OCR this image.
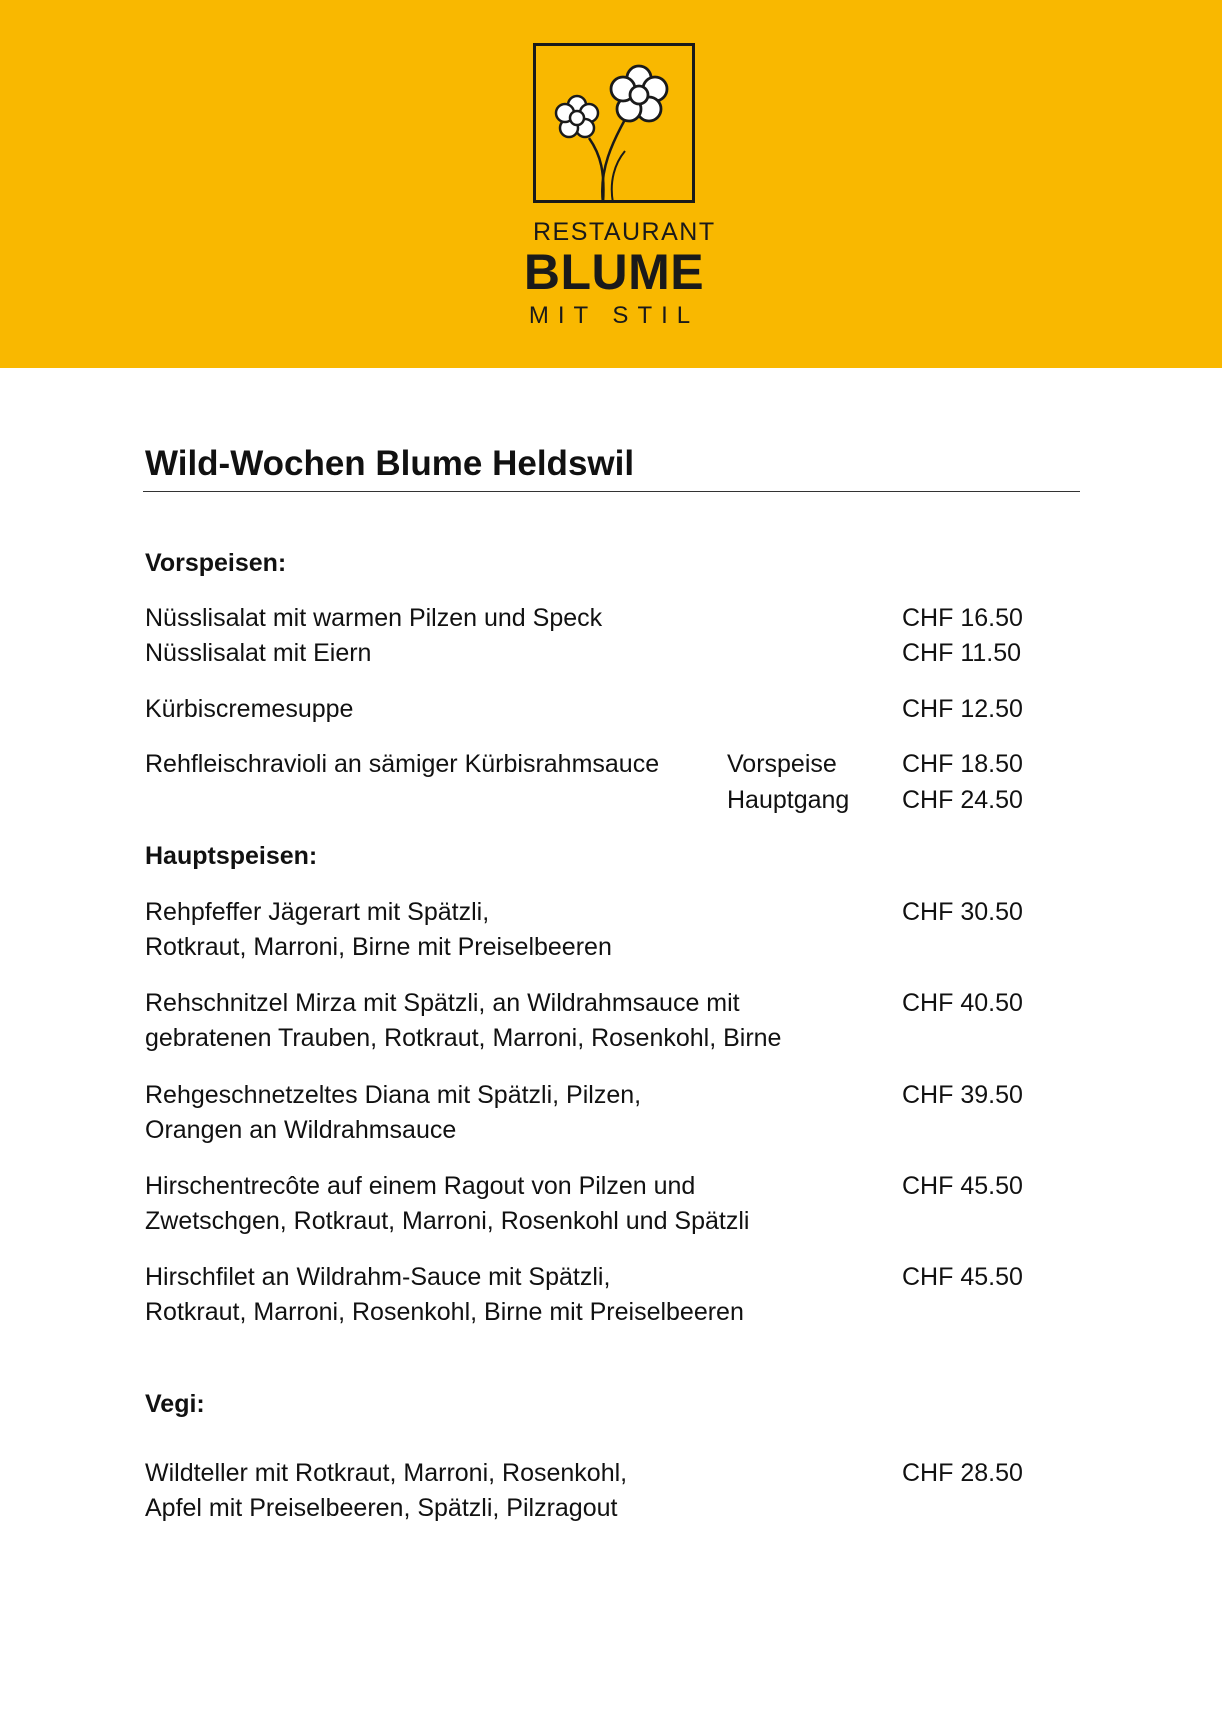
RESTAURANT
BLUME
MIT STIL
Wild-Wochen Blume Heldswil
Vorspeisen:
Nüsslisalat mit warmen Pilzen und Speck	CHF 16.50
Nüsslisalat mit Eiern	CHF 11.50
Kürbiscremesuppe	CHF 12.50
Rehfleischravioli an sämiger Kürbisrahmsauce	Vorspeise	CHF 18.50
Hauptgang CHF 24.50
Hauptspeisen:
Rehpfeffer Jägerart mit Spätzli,	CHF 30.50
Rotkraut, Marroni, Birne mit Preiselbeeren
Rehschnitzel Mirza mit Spätzli, an Wildrahmsauce mit	CHF 40.50
gebratenen Trauben, Rotkraut, Marroni, Rosenkohl, Birne
Rehgeschnetzeltes Diana mit Spätzli, Pilzen,	CHF 39.50
Orangen an Wildrahmsauce
Hirschentrecôte auf einem Ragout von Pilzen und	CHF 45.50
Zwetschgen, Rotkraut, Marroni, Rosenkohl und Spätzli
Hirschfilet an Wildrahm-Sauce mit Spätzli,	CHF 45.50
Rotkraut, Marroni, Rosenkohl, Birne mit Preiselbeeren
Vegi:
Wildteller mit Rotkraut, Marroni, Rosenkohl,	CHF 28.50
Apfel mit Preiselbeeren, Spätzli, Pilzragout
